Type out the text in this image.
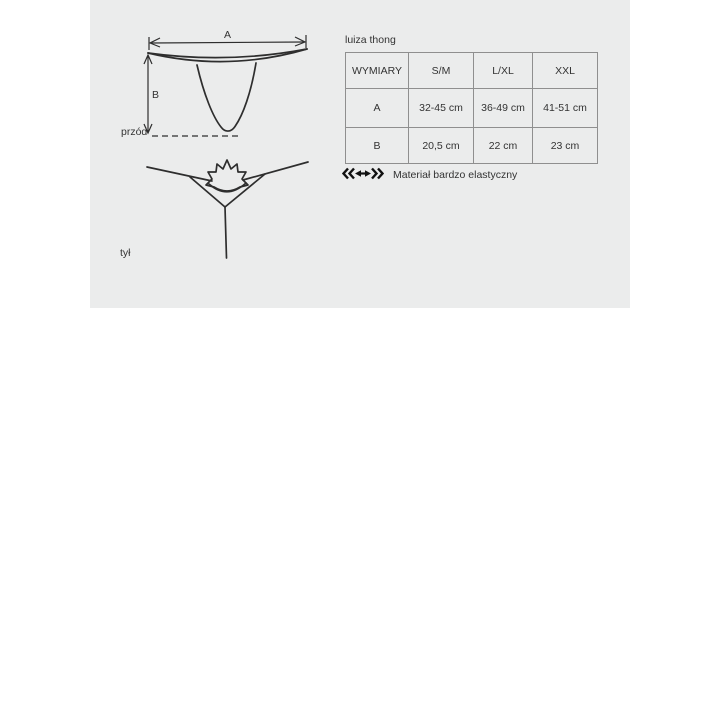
A
B
przód
tył
luiza thong
WYMIARY	S/M	L/XL	XXL
A	32-45 cm	36-49 cm	41-51 cm
B	20,5 cm	22 cm	23 cm
Materiał bardzo elastyczny
